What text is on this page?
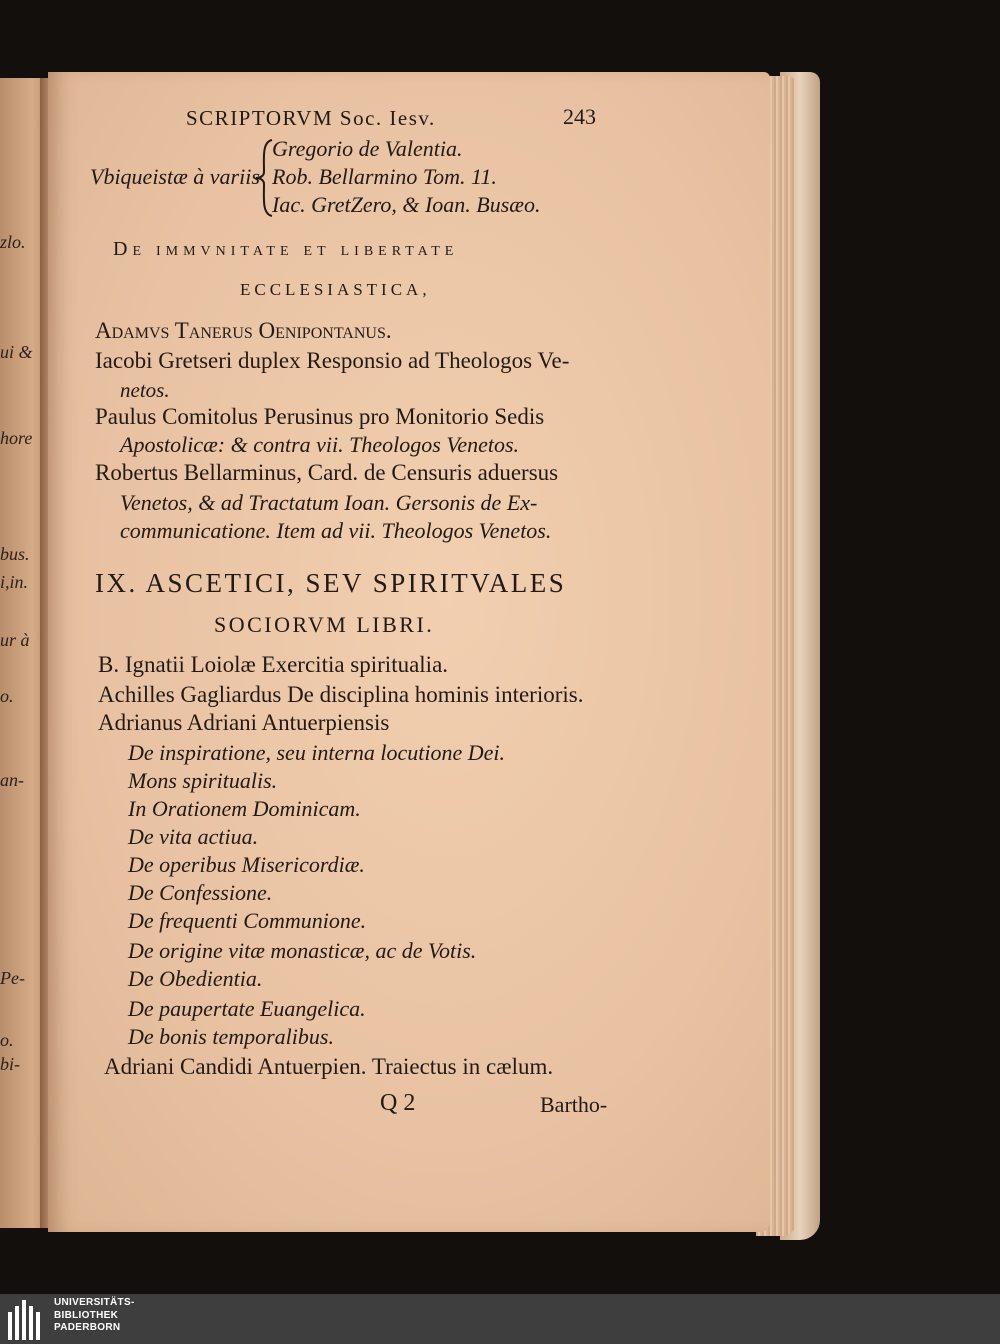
zlo.
ui &
hore
bus.
i,in.
ur à
o.
an-
Pe-
o.
bi-
SCRIPTORVM Soc. Iesv.	243
Vbiqueistæ à variis
Gregorio de Valentia.
Rob. Bellarmino Tom. 11.
Iac. GretZero, & Ioan. Busæo.
De immvnitate et libertate
ECCLESIASTICA,
Adamvs Tanerus Oenipontanus.
Iacobi Gretseri duplex Responsio ad Theologos Ve-
netos.
Paulus Comitolus Perusinus pro Monitorio Sedis
Apostolicæ: & contra vii. Theologos Venetos.
Robertus Bellarminus, Card. de Censuris aduersus
Venetos, & ad Tractatum Ioan. Gersonis de Ex-
communicatione. Item ad vii. Theologos Venetos.
IX. ASCETICI, SEV SPIRITVALES
SOCIORVM LIBRI.
B. Ignatii Loiolæ Exercitia spiritualia.
Achilles Gagliardus De disciplina hominis interioris.
Adrianus Adriani Antuerpiensis
De inspiratione, seu interna locutione Dei.
Mons spiritualis.
In Orationem Dominicam.
De vita actiua.
De operibus Misericordiæ.
De Confessione.
De frequenti Communione.
De origine vitæ monasticæ, ac de Votis.
De Obedientia.
De paupertate Euangelica.
De bonis temporalibus.
Adriani Candidi Antuerpien. Traiectus in cælum.
Q 2	Bartho-
UNIVERSITÄTS-
BIBLIOTHEK
PADERBORN
